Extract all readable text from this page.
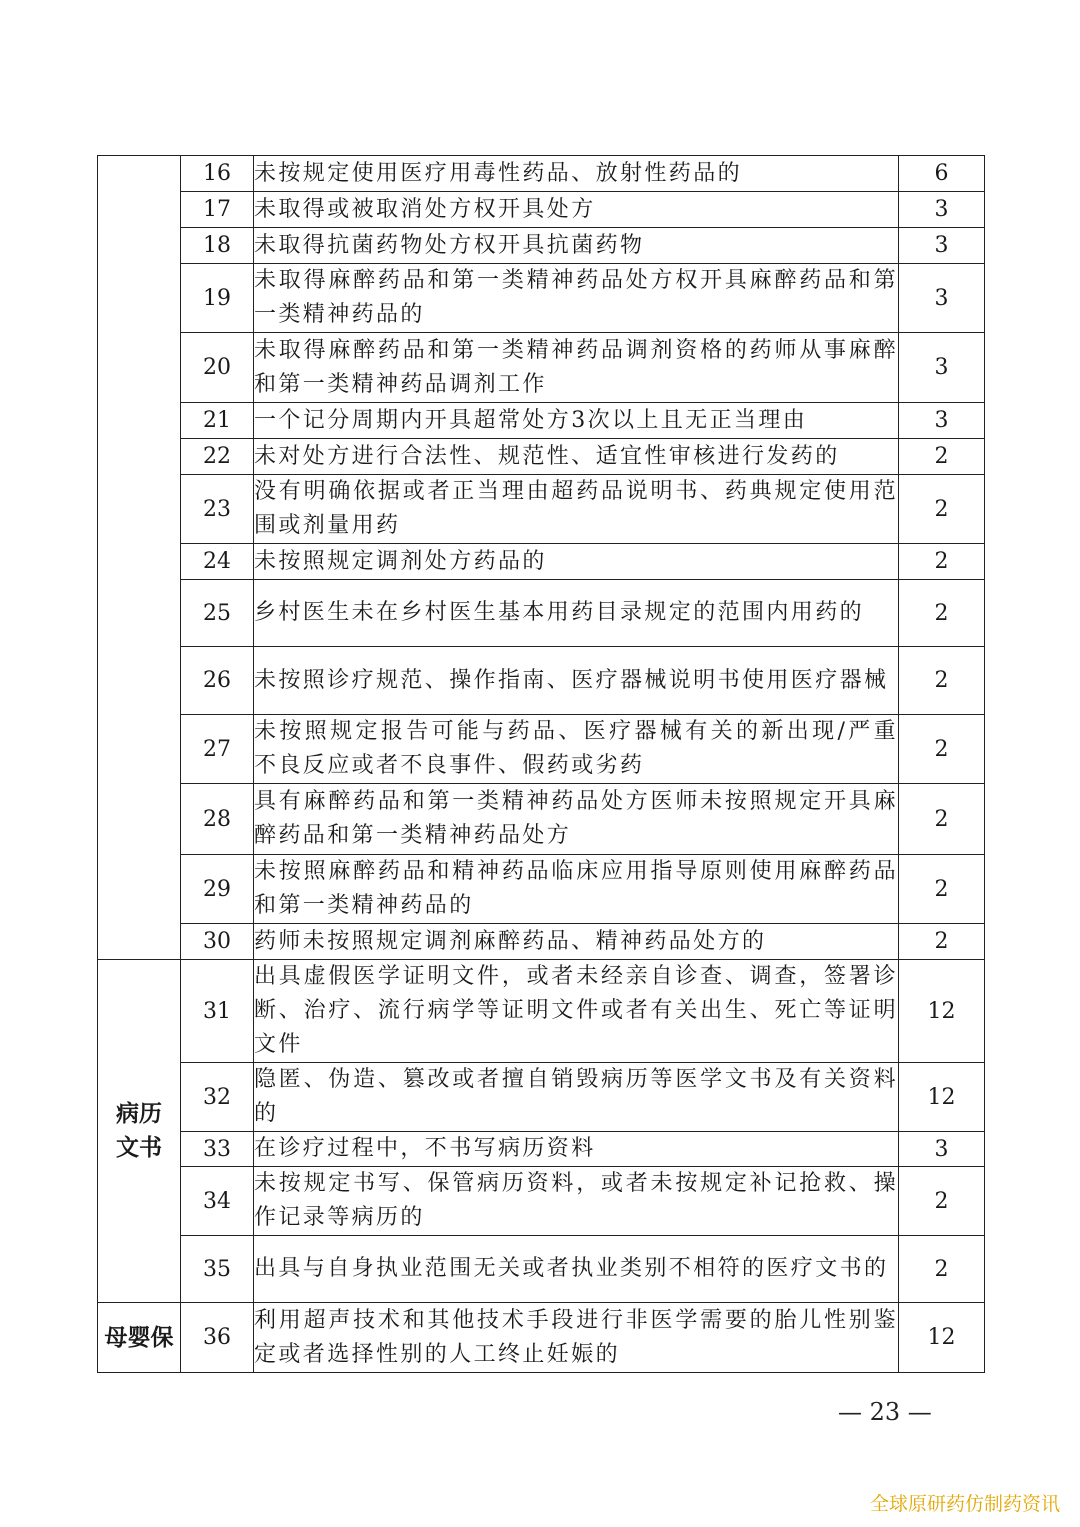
	16	未按规定使用医疗用毒性药品、放射性药品的	6
	17	未取得或被取消处方权开具处方	3
	18	未取得抗菌药物处方权开具抗菌药物	3
	19	未取得麻醉药品和第一类精神药品处方权开具麻醉药品和第一类精神药品的	3
	20	未取得麻醉药品和第一类精神药品调剂资格的药师从事麻醉和第一类精神药品调剂工作	3
	21	一个记分周期内开具超常处方3次以上且无正当理由	3
	22	未对处方进行合法性、规范性、适宜性审核进行发药的	2
	23	没有明确依据或者正当理由超药品说明书、药典规定使用范围或剂量用药	2
	24	未按照规定调剂处方药品的	2
	25	乡村医生未在乡村医生基本用药目录规定的范围内用药的	2
	26	未按照诊疗规范、操作指南、医疗器械说明书使用医疗器械	2
	27	未按照规定报告可能与药品、医疗器械有关的新出现/严重不良反应或者不良事件、假药或劣药	2
	28	具有麻醉药品和第一类精神药品处方医师未按照规定开具麻醉药品和第一类精神药品处方	2
	29	未按照麻醉药品和精神药品临床应用指导原则使用麻醉药品和第一类精神药品的	2
	30	药师未按照规定调剂麻醉药品、精神药品处方的	2

病历文书	31	出具虚假医学证明文件，或者未经亲自诊查、调查，签署诊断、治疗、流行病学等证明文件或者有关出生、死亡等证明文件	12
	32	隐匿、伪造、篡改或者擅自销毁病历等医学文书及有关资料的	12
	33	在诊疗过程中，不书写病历资料	3
	34	未按规定书写、保管病历资料，或者未按规定补记抢救、操作记录等病历的	2
	35	出具与自身执业范围无关或者执业类别不相符的医疗文书的	2

母婴保	36	利用超声技术和其他技术手段进行非医学需要的胎儿性别鉴定或者选择性别的人工终止妊娠的	12
— 23 —
全球原研药仿制药资讯
